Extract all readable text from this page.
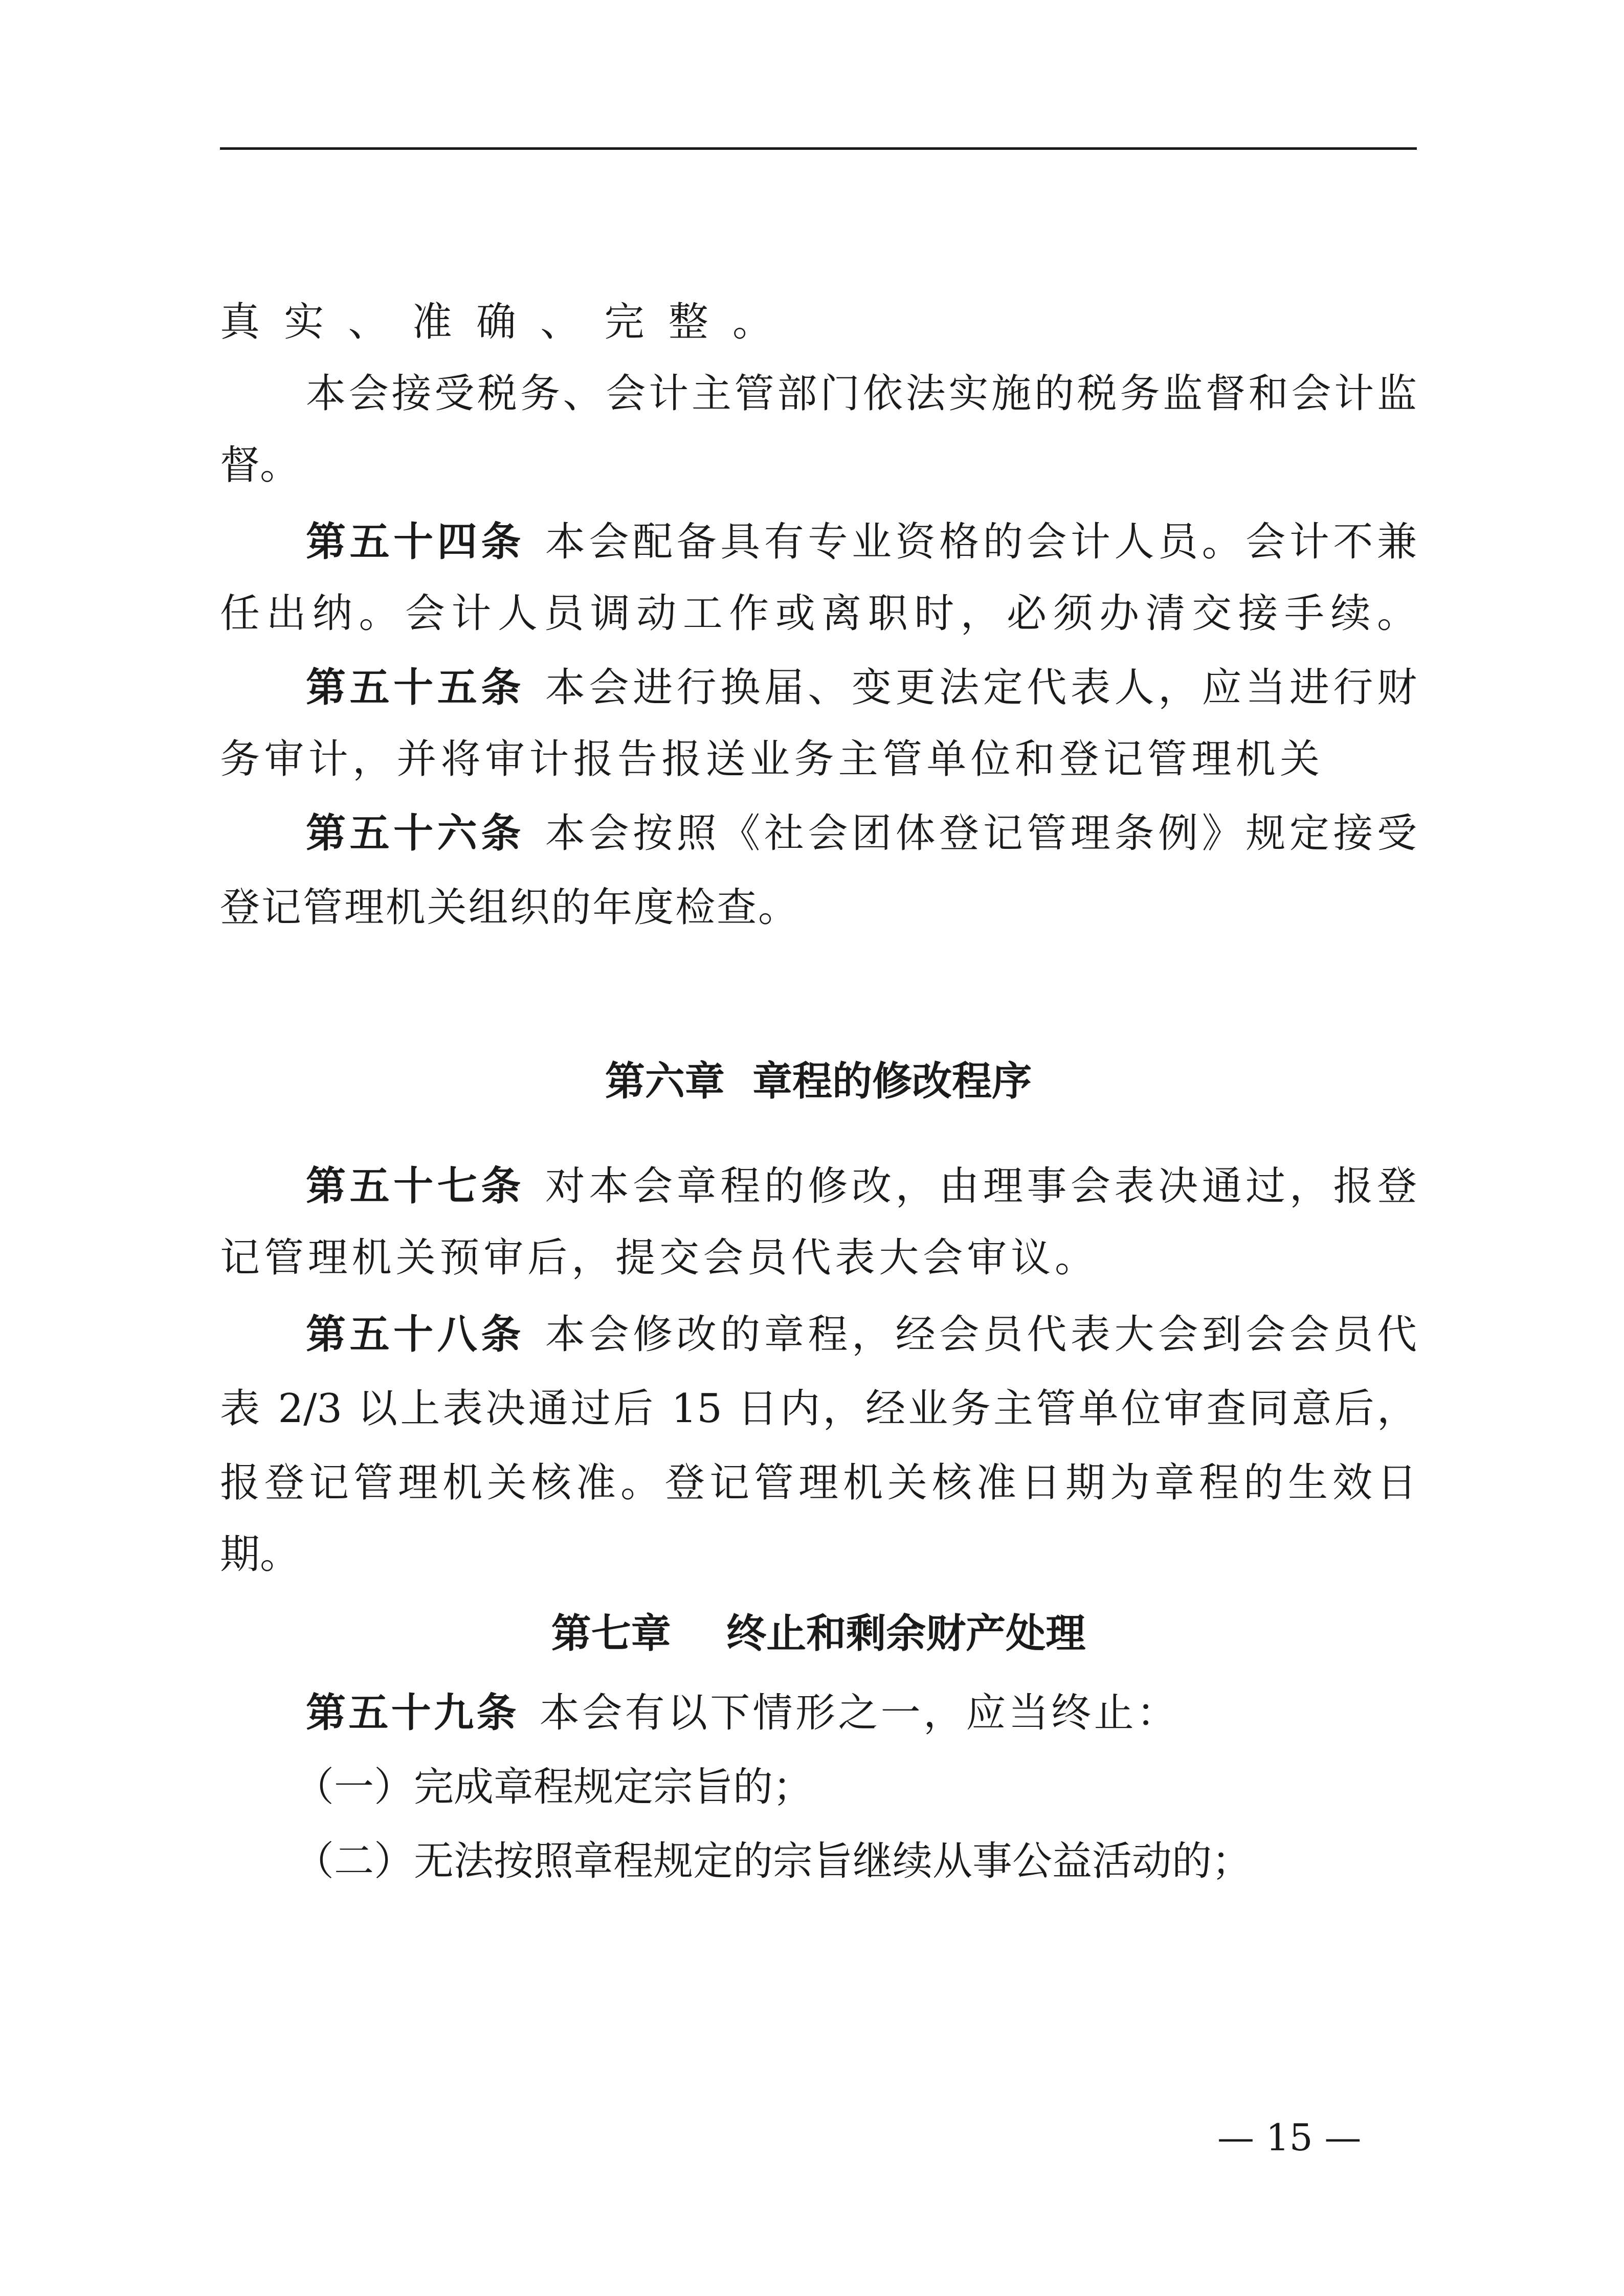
真实、准确、完整。
本会接受税务、会计主管部门依法实施的税务监督和会计监
督。
第五十四条 本会配备具有专业资格的会计人员。会计不兼
任出纳。会计人员调动工作或离职时，必须办清交接手续。
第五十五条 本会进行换届、变更法定代表人，应当进行财
务审计，并将审计报告报送业务主管单位和登记管理机关
第五十六条 本会按照《社会团体登记管理条例》规定接受
登记管理机关组织的年度检查。
第六章  章程的修改程序
第五十七条 对本会章程的修改，由理事会表决通过，报登
记管理机关预审后，提交会员代表大会审议。
第五十八条 本会修改的章程，经会员代表大会到会会员代
表 2/3 以上表决通过后 15 日内，经业务主管单位审查同意后，
报登记管理机关核准。登记管理机关核准日期为章程的生效日
期。
第七章    终止和剩余财产处理
第五十九条 本会有以下情形之一，应当终止：
（一）完成章程规定宗旨的；
（二）无法按照章程规定的宗旨继续从事公益活动的；
— 15 —
